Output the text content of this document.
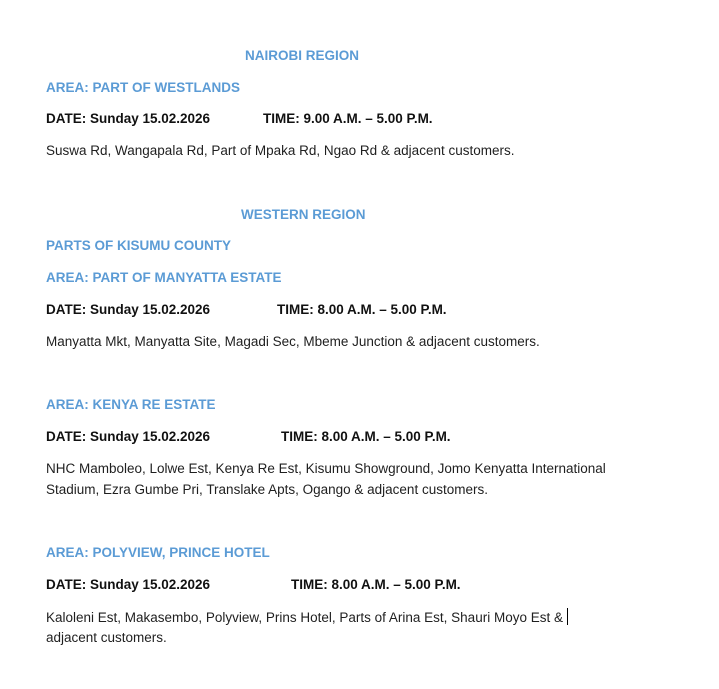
NAIROBI REGION
AREA: PART OF WESTLANDS
DATE: Sunday 15.02.2026	TIME: 9.00 A.M. – 5.00 P.M.
Suswa Rd, Wangapala Rd, Part of Mpaka Rd, Ngao Rd & adjacent customers.
WESTERN REGION
PARTS OF KISUMU COUNTY
AREA: PART OF MANYATTA ESTATE
DATE: Sunday 15.02.2026	TIME: 8.00 A.M. – 5.00 P.M.
Manyatta Mkt, Manyatta Site, Magadi Sec, Mbeme Junction & adjacent customers.
AREA: KENYA RE ESTATE
DATE: Sunday 15.02.2026	TIME: 8.00 A.M. – 5.00 P.M.
NHC Mamboleo, Lolwe Est, Kenya Re Est, Kisumu Showground, Jomo Kenyatta International
Stadium, Ezra Gumbe Pri, Translake Apts, Ogango & adjacent customers.
AREA: POLYVIEW, PRINCE HOTEL
DATE: Sunday 15.02.2026	TIME: 8.00 A.M. – 5.00 P.M.
Kaloleni Est, Makasembo, Polyview, Prins Hotel, Parts of Arina Est, Shauri Moyo Est &
adjacent customers.
